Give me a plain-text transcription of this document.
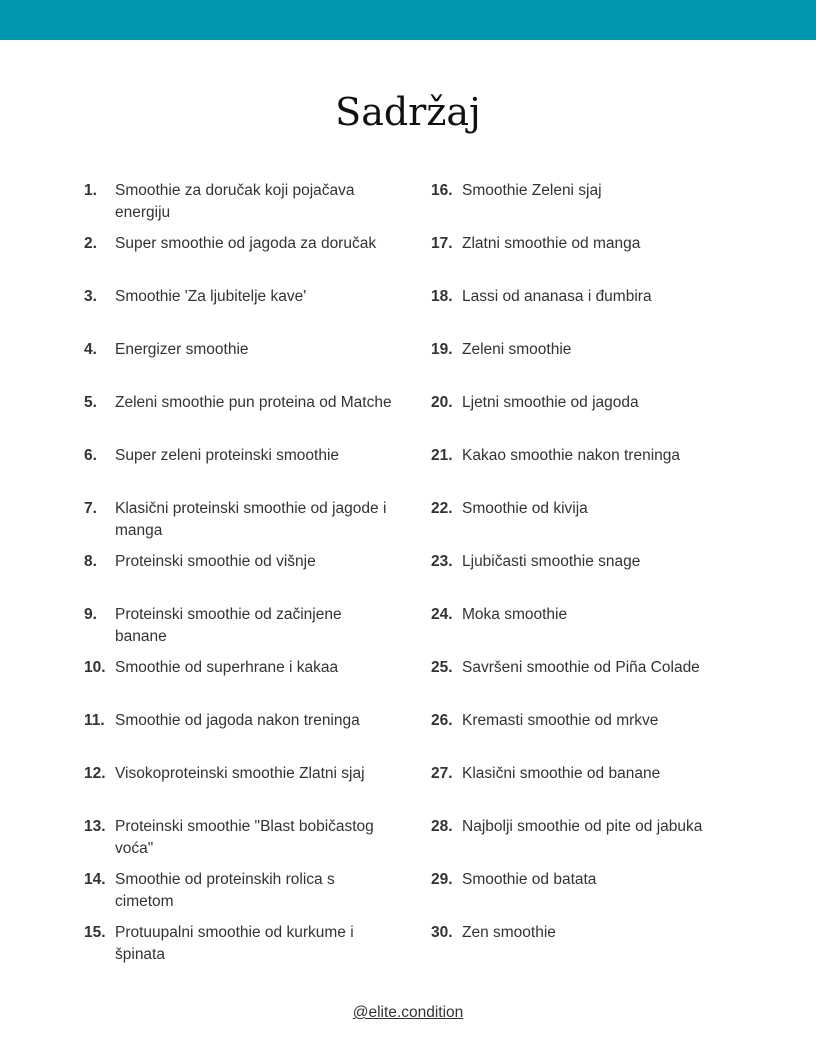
Sadržaj
1. Smoothie za doručak koji pojačava energiju
2. Super smoothie od jagoda za doručak
3. Smoothie 'Za ljubitelje kave'
4. Energizer smoothie
5. Zeleni smoothie pun proteina od Matche
6. Super zeleni proteinski smoothie
7. Klasični proteinski smoothie od jagode i manga
8. Proteinski smoothie od višnje
9. Proteinski smoothie od začinjene banane
10. Smoothie od superhrane i kakaa
11. Smoothie od jagoda nakon treninga
12. Visokoproteinski smoothie Zlatni sjaj
13. Proteinski smoothie "Blast bobičastog voća"
14. Smoothie od proteinskih rolica s cimetom
15. Protuupalni smoothie od kurkume i špinata
16. Smoothie Zeleni sjaj
17. Zlatni smoothie od manga
18. Lassi od ananasa i đumbira
19. Zeleni smoothie
20. Ljetni smoothie od jagoda
21. Kakao smoothie nakon treninga
22. Smoothie od kivija
23. Ljubičasti smoothie snage
24. Moka smoothie
25. Savršeni smoothie od Piña Colade
26. Kremasti smoothie od mrkve
27. Klasični smoothie od banane
28. Najbolji smoothie od pite od jabuka
29. Smoothie od batata
30. Zen smoothie
@elite.condition
